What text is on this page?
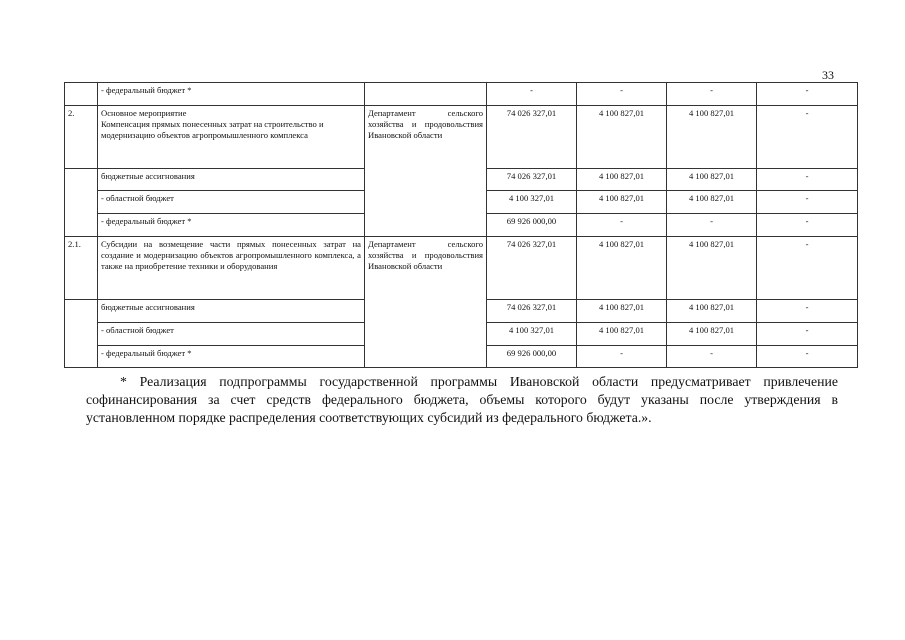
33
	- федеральный бюджет *		-	-	-	-
2.	Основное мероприятие
Компенсация прямых понесенных затрат на строительство и модернизацию объектов агропромышленного комплекса	Департамент сельского хозяйства и продовольствия Ивановской области	74 026 327,01	4 100 827,01	4 100 827,01	-
	бюджетные ассигнования		74 026 327,01	4 100 827,01	4 100 827,01	-
	- областной бюджет		4 100 327,01	4 100 827,01	4 100 827,01	-
	- федеральный бюджет *		69 926 000,00	-	-	-
2.1.	Субсидии на возмещение части прямых понесенных затрат на создание и модернизацию объектов агропромышленного комплекса, а также на приобретение техники и оборудования	Департамент сельского хозяйства и продовольствия Ивановской области	74 026 327,01	4 100 827,01	4 100 827,01	-
	бюджетные ассигнования		74 026 327,01	4 100 827,01	4 100 827,01	-
	- областной бюджет		4 100 327,01	4 100 827,01	4 100 827,01	-
	- федеральный бюджет *		69 926 000,00	-	-	-
* Реализация подпрограммы государственной программы Ивановской области предусматривает привлечение софинансирования за счет средств федерального бюджета, объемы которого будут указаны после утверждения в установленном порядке распределения соответствующих субсидий из федерального бюджета.».
